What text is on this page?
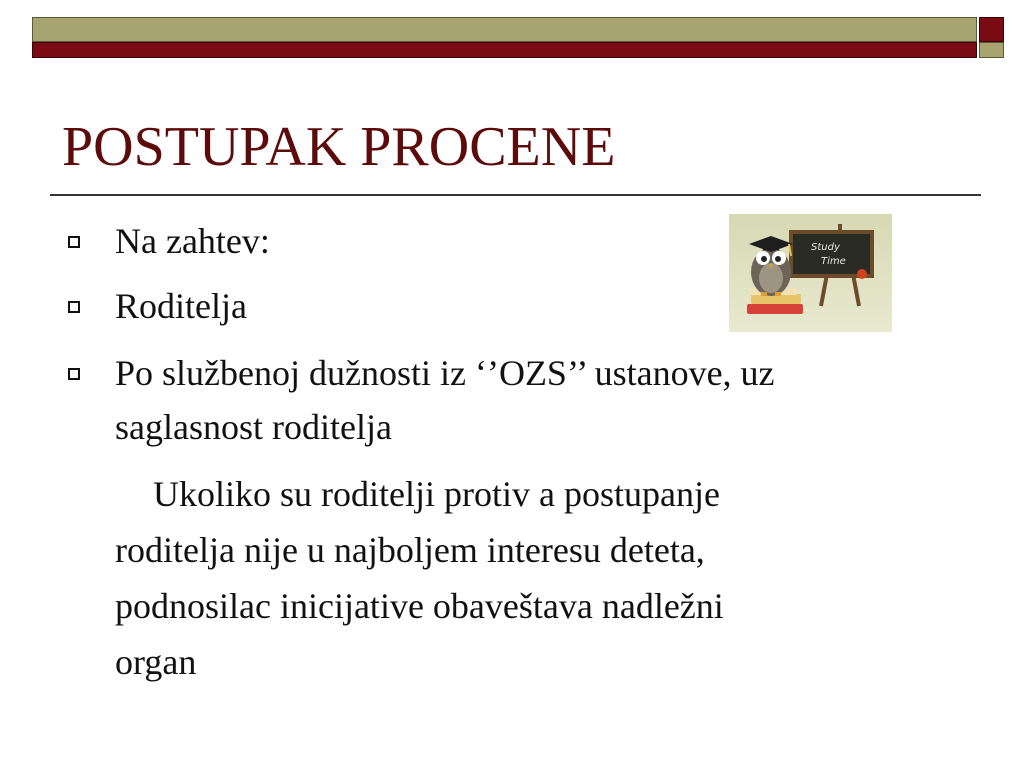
POSTUPAK PROCENE
Na zahtev:
Roditelja
Po službenoj dužnosti iz ‘’OZS’’ ustanove, uz
saglasnost roditelja
Ukoliko su roditelji protiv a postupanje
roditelja nije u najboljem interesu deteta,
podnosilac inicijative obaveštava nadležni
organ
Study
Time
